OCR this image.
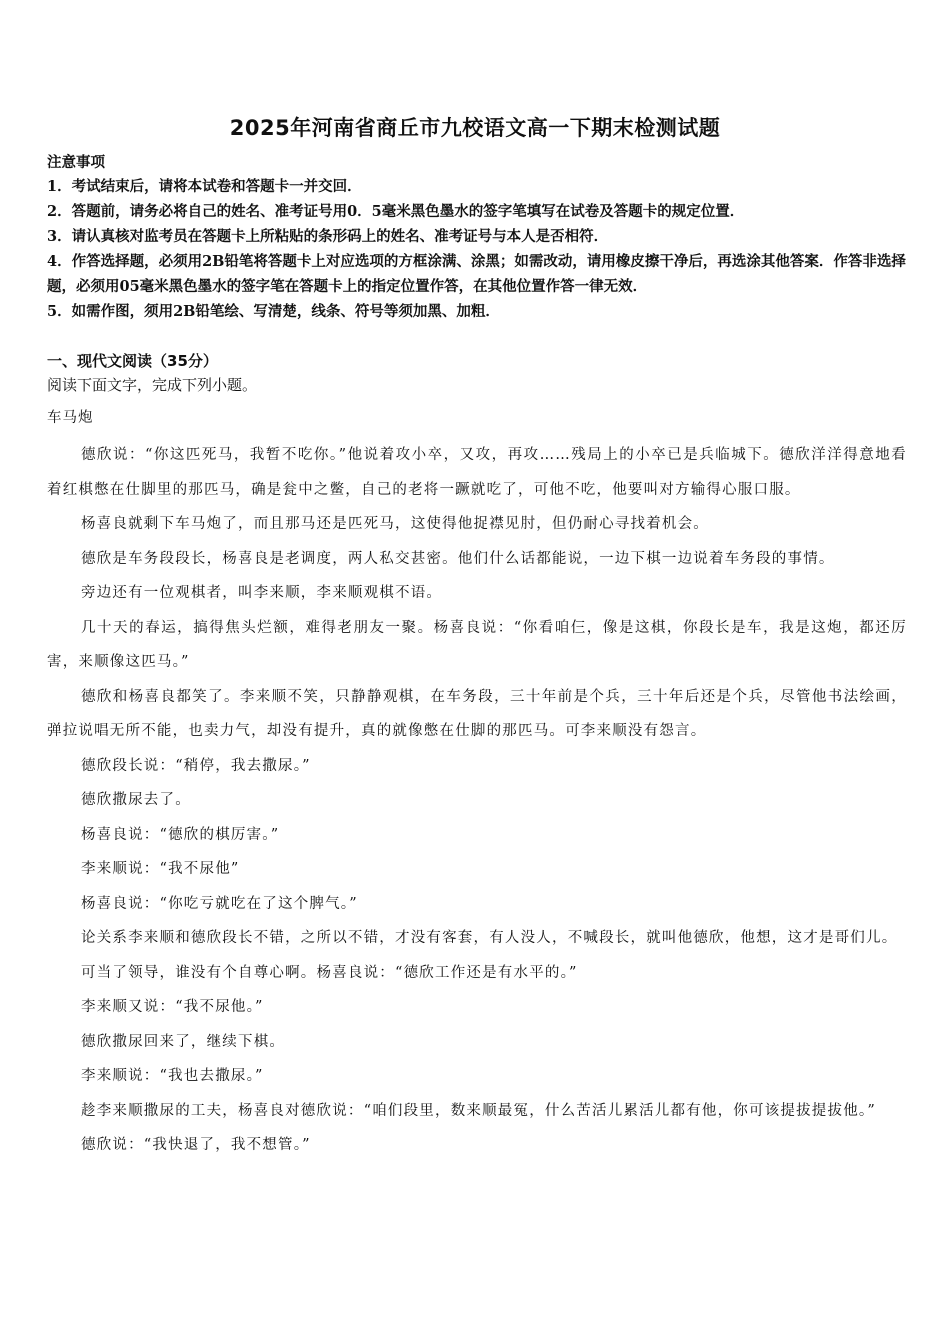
2025年河南省商丘市九校语文高一下期末检测试题
注意事项
1．考试结束后，请将本试卷和答题卡一并交回．
2．答题前，请务必将自己的姓名、准考证号用0．5毫米黑色墨水的签字笔填写在试卷及答题卡的规定位置．
3．请认真核对监考员在答题卡上所粘贴的条形码上的姓名、准考证号与本人是否相符．
4．作答选择题，必须用2B铅笔将答题卡上对应选项的方框涂满、涂黑；如需改动，请用橡皮擦干净后，再选涂其他答案．作答非选择题，必须用05毫米黑色墨水的签字笔在答题卡上的指定位置作答，在其他位置作答一律无效．
5．如需作图，须用2B铅笔绘、写清楚，线条、符号等须加黑、加粗．
一、现代文阅读（35分）
阅读下面文字，完成下列小题。
车马炮

德欣说：“你这匹死马，我暂不吃你。”他说着攻小卒，又攻，再攻……残局上的小卒已是兵临城下。德欣洋洋得意地看着红棋憋在仕脚里的那匹马，确是瓮中之鳖，自己的老将一蹶就吃了，可他不吃，他要叫对方输得心服口服。

杨喜良就剩下车马炮了，而且那马还是匹死马，这使得他捉襟见肘，但仍耐心寻找着机会。

德欣是车务段段长，杨喜良是老调度，两人私交甚密。他们什么话都能说，一边下棋一边说着车务段的事情。

旁边还有一位观棋者，叫李来顺，李来顺观棋不语。

几十天的春运，搞得焦头烂额，难得老朋友一聚。杨喜良说：“你看咱仨，像是这棋，你段长是车，我是这炮，都还厉害，来顺像这匹马。”

德欣和杨喜良都笑了。李来顺不笑，只静静观棋，在车务段，三十年前是个兵，三十年后还是个兵，尽管他书法绘画，弹拉说唱无所不能，也卖力气，却没有提升，真的就像憋在仕脚的那匹马。可李来顺没有怨言。

德欣段长说：“稍停，我去撒尿。”

德欣撒尿去了。

杨喜良说：“德欣的棋厉害。”

李来顺说：“我不尿他”

杨喜良说：“你吃亏就吃在了这个脾气。”

论关系李来顺和德欣段长不错，之所以不错，才没有客套，有人没人，不喊段长，就叫他德欣，他想，这才是哥们儿。

可当了领导，谁没有个自尊心啊。杨喜良说：“德欣工作还是有水平的。”

李来顺又说：“我不尿他。”

德欣撒尿回来了，继续下棋。

李来顺说：“我也去撒尿。”

趁李来顺撒尿的工夫，杨喜良对德欣说：“咱们段里，数来顺最冤，什么苦活儿累活儿都有他，你可该提拔提拔他。”

德欣说：“我快退了，我不想管。”
